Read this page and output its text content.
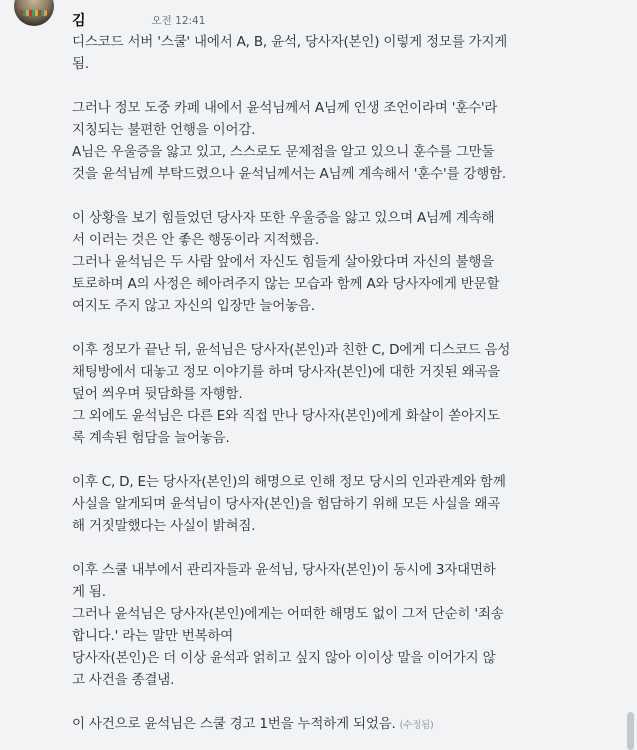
김	오전 12:41

디스코드 서버 '스쿨' 내에서 A, B, 윤석, 당사자(본인) 이렇게 정모를 가지게
됨.

그러나 정모 도중 카페 내에서 윤석님께서 A님께 인생 조언이라며 '훈수'라
지칭되는 불편한 언행을 이어감.
A님은 우울증을 앓고 있고, 스스로도 문제점을 알고 있으니 훈수를 그만둘
것을 윤석님께 부탁드렸으나 윤석님께서는 A님께 계속해서 '훈수'를 강행함.

이 상황을 보기 힘들었던 당사자 또한 우울증을 앓고 있으며 A님께 계속해
서 이러는 것은 안 좋은 행동이라 지적했음.
그러나 윤석님은 두 사람 앞에서 자신도 힘들게 살아왔다며 자신의 불행을
토로하며 A의 사정은 헤아려주지 않는 모습과 함께 A와 당사자에게 반문할
여지도 주지 않고 자신의 입장만 늘어놓음.

이후 정모가 끝난 뒤, 윤석님은 당사자(본인)과 친한 C, D에게 디스코드 음성
채팅방에서 대놓고 정모 이야기를 하며 당사자(본인)에 대한 거짓된 왜곡을
덮어 씌우며 뒷담화를 자행함.
그 외에도 윤석님은 다른 E와 직접 만나 당사자(본인)에게 화살이 쏟아지도
록 계속된 험담을 늘어놓음.

이후 C, D, E는 당사자(본인)의 해명으로 인해 정모 당시의 인과관계와 함께
사실을 알게되며 윤석님이 당사자(본인)을 험담하기 위해 모든 사실을 왜곡
해 거짓말했다는 사실이 밝혀짐.

이후 스쿨 내부에서 관리자들과 윤석님, 당사자(본인)이 동시에 3자대면하
게 됨.
그러나 윤석님은 당사자(본인)에게는 어떠한 해명도 없이 그저 단순히 '죄송
합니다.' 라는 말만 번복하여
당사자(본인)은 더 이상 윤석과 얽히고 싶지 않아 이이상 말을 이어가지 않
고 사건을 종결냄.

이 사건으로 윤석님은 스쿨 경고 1번을 누적하게 되었음. (수정됨)
